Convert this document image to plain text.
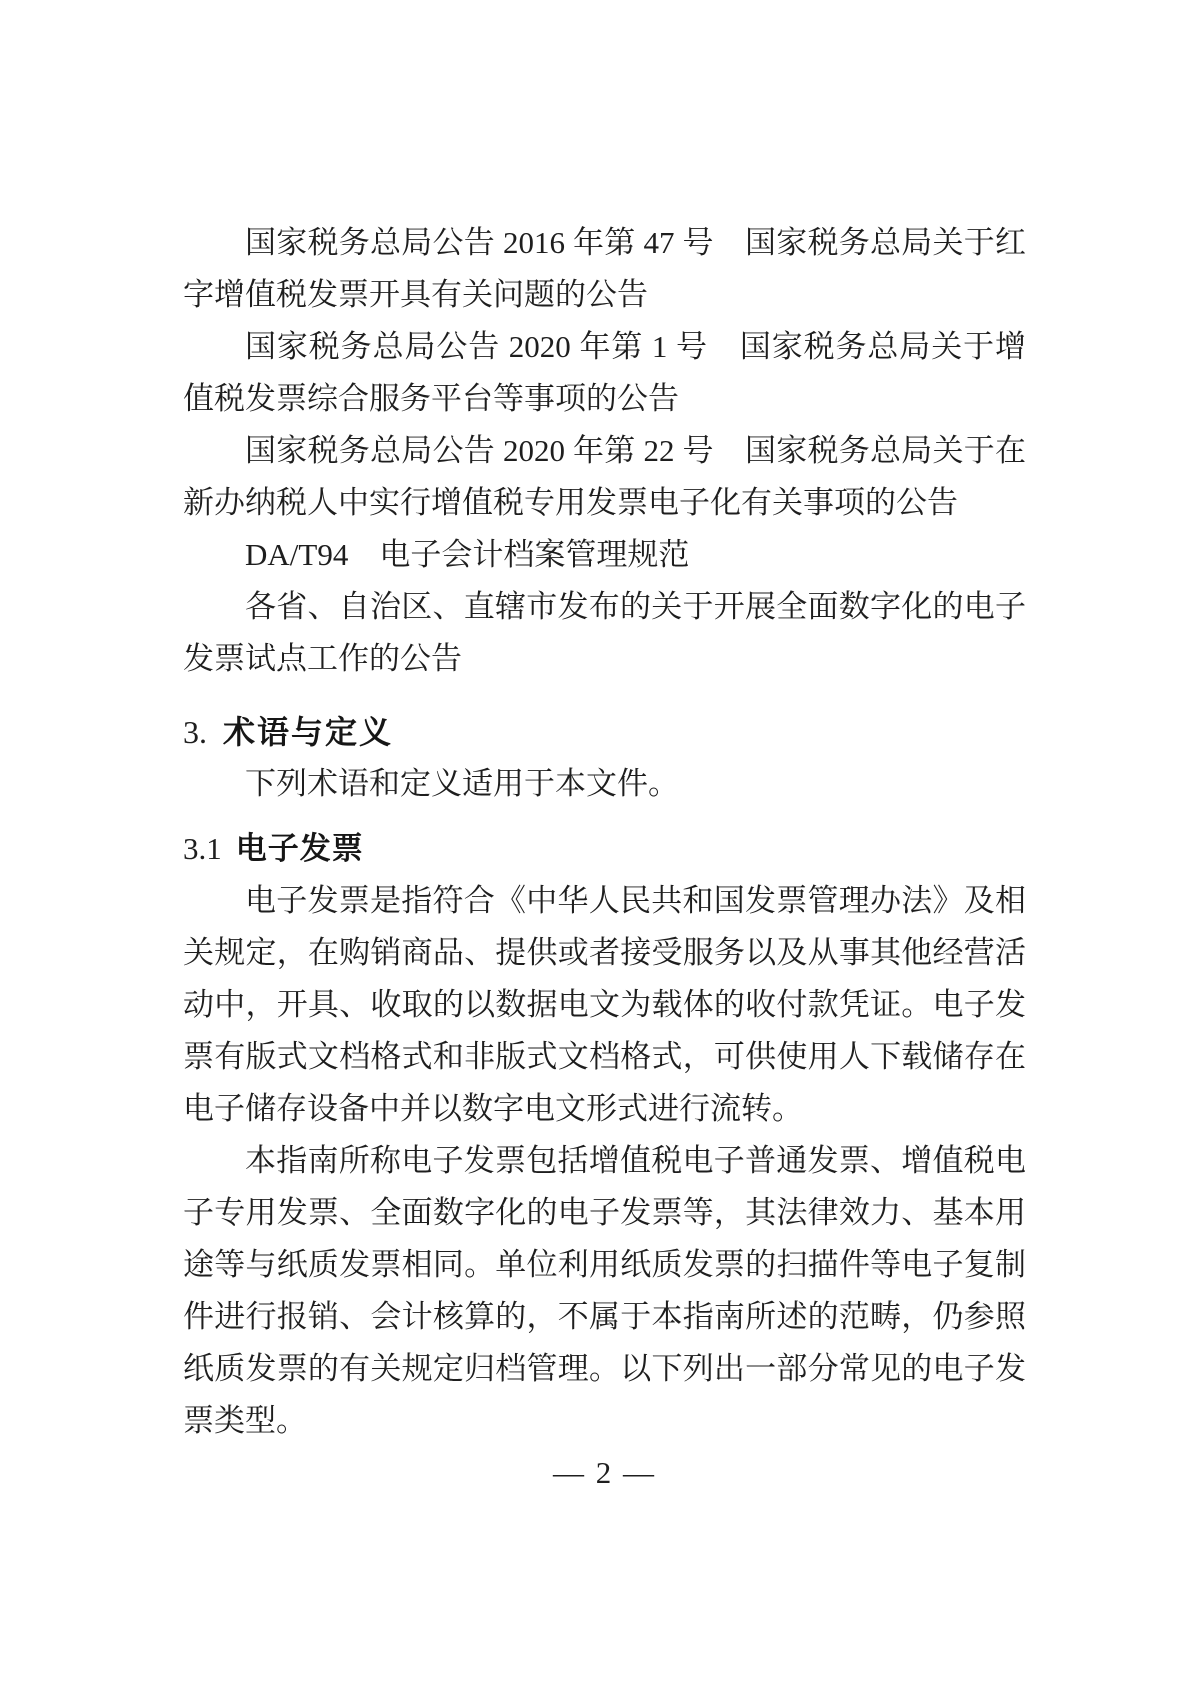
国家税务总局公告 2016 年第 47 号　国家税务总局关于红字增值税发票开具有关问题的公告

国家税务总局公告 2020 年第 1 号　国家税务总局关于增值税发票综合服务平台等事项的公告

国家税务总局公告 2020 年第 22 号　国家税务总局关于在新办纳税人中实行增值税专用发票电子化有关事项的公告

DA/T94　电子会计档案管理规范

各省、自治区、直辖市发布的关于开展全面数字化的电子发票试点工作的公告

3. 术语与定义

下列术语和定义适用于本文件。

3.1 电子发票

电子发票是指符合《中华人民共和国发票管理办法》及相关规定，在购销商品、提供或者接受服务以及从事其他经营活动中，开具、收取的以数据电文为载体的收付款凭证。电子发票有版式文档格式和非版式文档格式，可供使用人下载储存在电子储存设备中并以数字电文形式进行流转。

本指南所称电子发票包括增值税电子普通发票、增值税电子专用发票、全面数字化的电子发票等，其法律效力、基本用途等与纸质发票相同。单位利用纸质发票的扫描件等电子复制件进行报销、会计核算的，不属于本指南所述的范畴，仍参照纸质发票的有关规定归档管理。以下列出一部分常见的电子发票类型。

— 2 —
